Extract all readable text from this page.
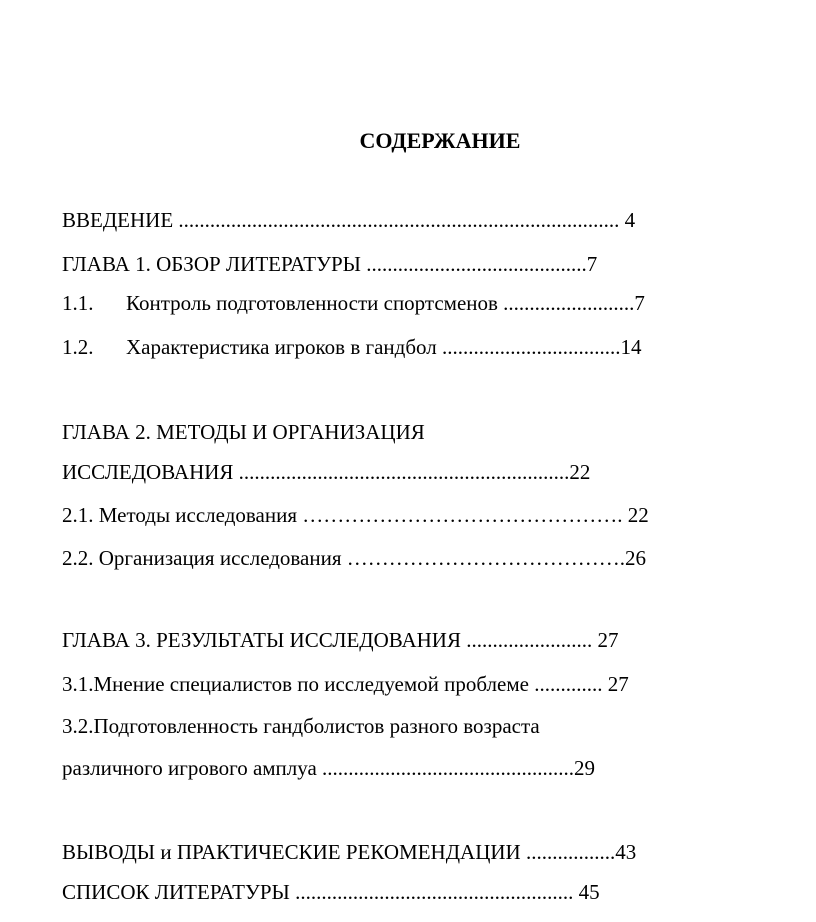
СОДЕРЖАНИЕ

ВВЕДЕНИЕ .................................................................................... 4

ГЛАВА 1. ОБЗОР ЛИТЕРАТУРЫ ..........................................7

1.1. Контроль подготовленности спортсменов .........................7

1.2. Характеристика игроков в гандбол ..................................14

ГЛАВА 2. МЕТОДЫ И ОРГАНИЗАЦИЯ

ИССЛЕДОВАНИЯ ...............................................................22

2.1. Методы исследования ………………………………………. 22

2.2. Организация исследования ………………………………….26

ГЛАВА 3. РЕЗУЛЬТАТЫ ИССЛЕДОВАНИЯ ........................ 27

3.1.Мнение специалистов по исследуемой проблеме ............. 27

3.2.Подготовленность гандболистов разного возраста

различного игрового амплуа ................................................29

ВЫВОДЫ и ПРАКТИЧЕСКИЕ РЕКОМЕНДАЦИИ .................43

СПИСОК ЛИТЕРАТУРЫ ..................................................... 45
